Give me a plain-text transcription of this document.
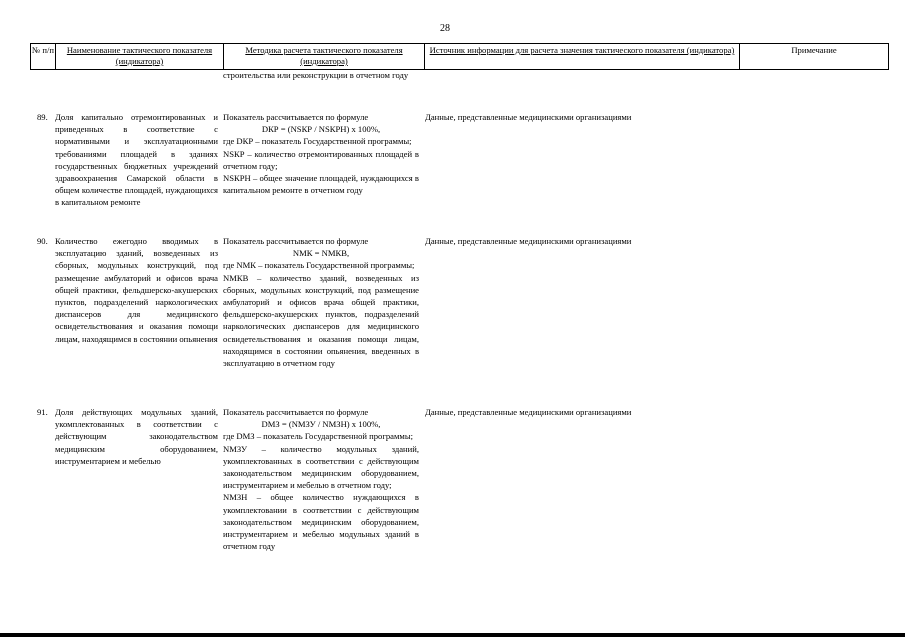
28
№ п/п	Наименование тактического показателя (индикатора)
Методика расчета тактического показателя (индикатора)
Источник информации для расчета значения тактического показателя (индикатора)	Примечание
строительства или реконструкции в отчетном году
89. Доля капитально отремонтированных и приведенных в соответствие с нормативными и эксплуатационными требованиями площадей в зданиях государственных бюджетных учреждений здравоохранения Самарской области в общем количестве площадей, нуждающихся в капитальном ремонте

Показатель рассчитывается по формуле

DКР = (NSКР / NSКРН) х 100%,

где DКР – показатель Государственной программы;

NSКР – количество отремонтированных площадей в отчетном году;

NSКРН – общее значение площадей, нуждающихся в капитальном ремонте в отчетном году

Данные, представленные медицинскими организациями
90. Количество ежегодно вводимых в эксплуатацию зданий, возведенных из сборных, модульных конструкций, под размещение амбулаторий и офисов врача общей практики, фельдшерско-акушерских пунктов, подразделений наркологических диспансеров для медицинского освидетельствования и оказания помощи лицам, находящимся в состоянии опьянения

Показатель рассчитывается по формуле

NМК = NМКВ,

где NМК – показатель Государственной программы;

NМКВ – количество зданий, возведенных из сборных, модульных конструкций, под размещение амбулаторий и офисов врача общей практики, фельдшерско-акушерских пунктов, подразделений наркологических диспансеров для медицинского освидетельствования и оказания помощи лицам, находящимся в состоянии опьянения, введенных в эксплуатацию в отчетном году

Данные, представленные медицинскими организациями
91. Доля действующих модульных зданий, укомплектованных в соответствии с действующим законодательством медицинским оборудованием, инструментарием и мебелью

Показатель рассчитывается по формуле

DМЗ = (NМЗУ / NМЗН) х 100%,

где DМЗ – показатель Государственной программы;

NМЗУ – количество модульных зданий, укомплектованных в соответствии с действующим законодательством медицинским оборудованием, инструментарием и мебелью в отчетном году;

NМЗН – общее количество нуждающихся в укомплектовании в соответствии с действующим законодательством медицинским оборудованием, инструментарием и мебелью модульных зданий в отчетном году

Данные, представленные медицинскими организациями
